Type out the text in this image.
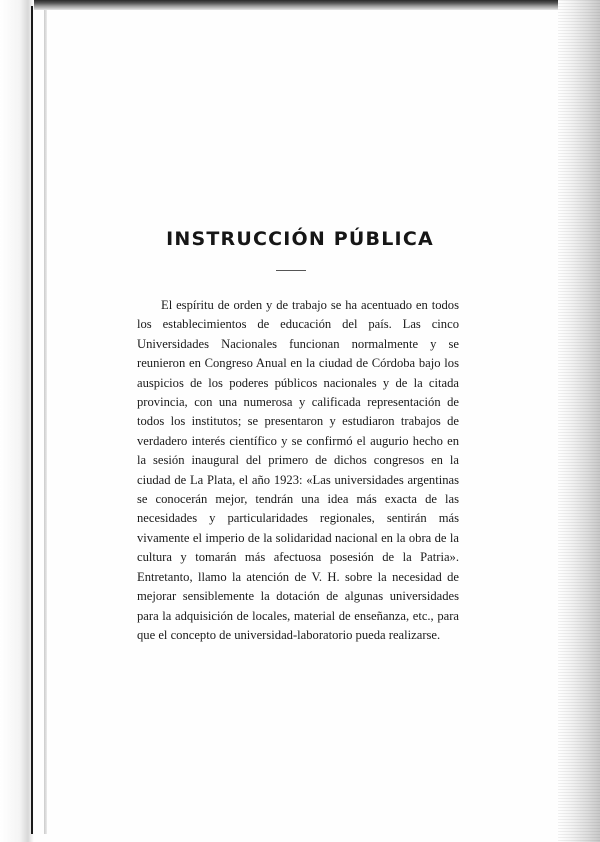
INSTRUCCIÓN PÚBLICA

El espíritu de orden y de trabajo se ha acentuado en todos los establecimientos de educación del país. Las cinco Universidades Nacionales funcionan normalmente y se reunieron en Congreso Anual en la ciudad de Córdoba bajo los auspicios de los poderes públicos nacionales y de la citada provincia, con una numerosa y calificada representación de todos los institutos; se presentaron y estudiaron trabajos de verdadero interés científico y se confirmó el augurio hecho en la sesión inaugural del primero de dichos congresos en la ciudad de La Plata, el año 1923: «Las universidades argentinas se conocerán mejor, tendrán una idea más exacta de las necesidades y particularidades regionales, sentirán más vivamente el imperio de la solidaridad nacional en la obra de la cultura y tomarán más afectuosa posesión de la Patria». Entretanto, llamo la atención de V. H. sobre la necesidad de mejorar sensiblemente la dotación de algunas universidades para la adquisición de locales, material de enseñanza, etc., para que el concepto de universidad-laboratorio pueda realizarse.
